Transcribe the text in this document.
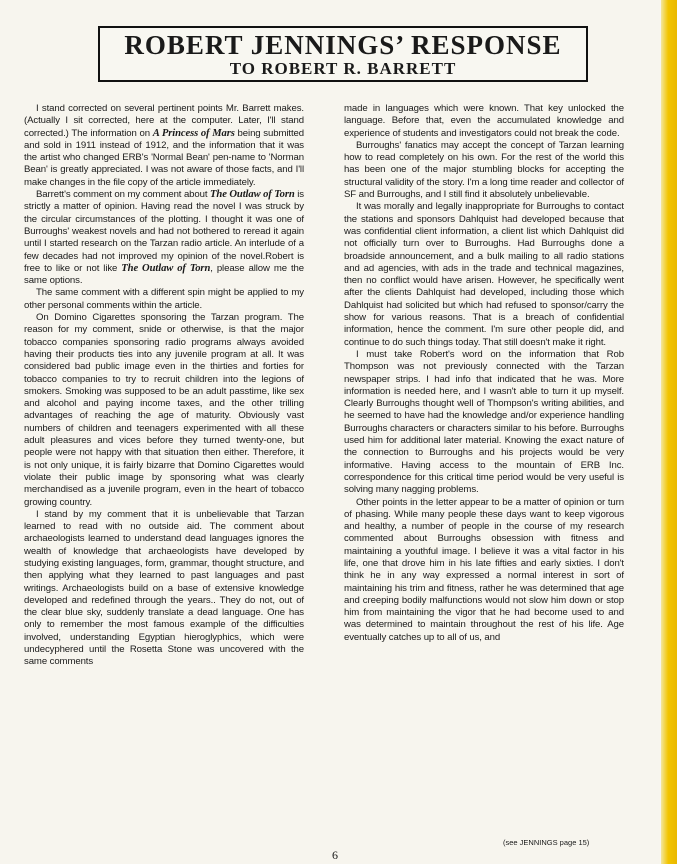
ROBERT JENNINGS’ RESPONSE
TO ROBERT R. BARRETT

I stand corrected on several pertinent points Mr. Barrett makes. (Actually I sit corrected, here at the computer. Later, I'll stand corrected.) The information on A Princess of Mars being submitted and sold in 1911 instead of 1912, and the information that it was the artist who changed ERB's 'Normal Bean' pen-name to 'Norman Bean' is greatly appreciated. I was not aware of those facts, and I'll make changes in the file copy of the article immediately.

Barrett's comment on my comment about The Outlaw of Torn is strictly a matter of opinion. Having read the novel I was struck by the circular circumstances of the plotting. I thought it was one of Burroughs' weakest novels and had not bothered to reread it again until I started research on the Tarzan radio article. An interlude of a few decades had not improved my opinion of the novel.Robert is free to like or not like The Outlaw of Torn, please allow me the same options.

The same comment with a different spin might be applied to my other personal comments within the article.

On Domino Cigarettes sponsoring the Tarzan program. The reason for my comment, snide or otherwise, is that the major tobacco companies sponsoring radio programs always avoided having their products ties into any juvenile program at all. It was considered bad public image even in the thirties and forties for tobacco companies to try to recruit children into the legions of smokers. Smoking was supposed to be an adult passtime, like sex and alcohol and paying income taxes, and the other trilling advantages of reaching the age of maturity. Obviously vast numbers of children and teenagers experimented with all these adult pleasures and vices before they turned twenty-one, but people were not happy with that situation then either. Therefore, it is not only unique, it is fairly bizarre that Domino Cigarettes would violate their public image by sponsoring what was clearly merchandised as a juvenile program, even in the heart of tobacco growing country.

I stand by my comment that it is unbelievable that Tarzan learned to read with no outside aid. The comment about archaeologists learned to understand dead languages ignores the wealth of knowledge that archaeologists have developed by studying existing languages, form, grammar, thought structure, and then applying what they learned to past languages and past writings. Archaeologists build on a base of extensive knowledge developed and redefined through the years.. They do not, out of the clear blue sky, suddenly translate a dead language. One has only to remember the most famous example of the difficulties involved, understanding Egyptian hieroglyphics, which were undecyphered until the Rosetta Stone was uncovered with the same comments

made in languages which were known. That key unlocked the language. Before that, even the accumulated knowledge and experience of students and investigators could not break the code.

Burroughs' fanatics may accept the concept of Tarzan learning how to read completely on his own. For the rest of the world this has been one of the major stumbling blocks for accepting the structural validity of the story. I'm a long time reader and collector of SF and Burroughs, and I still find it absolutely unbelievable.

It was morally and legally inappropriate for Burroughs to contact the stations and sponsors Dahlquist had developed because that was confidential client information, a client list which Dahlquist did not officially turn over to Burroughs. Had Burroughs done a broadside announcement, and a bulk mailing to all radio stations and ad agencies, with ads in the trade and technical magazines, then no conflict would have arisen. However, he specifically went after the clients Dahlquist had developed, including those which Dahlquist had solicited but which had refused to sponsor/carry the show for various reasons. That is a breach of confidential information, hence the comment. I'm sure other people did, and continue to do such things today. That still doesn't make it right.

I must take Robert's word on the information that Rob Thompson was not previously connected with the Tarzan newspaper strips. I had info that indicated that he was. More information is needed here, and I wasn't able to turn it up myself. Clearly Burroughs thought well of Thompson's writing abilities, and he seemed to have had the knowledge and/or experience handling Burroughs characters or characters similar to his before. Burroughs used him for additional later material. Knowing the exact nature of the connection to Burroughs and his projects would be very informative. Having access to the mountain of ERB Inc. correspondence for this critical time period would be very useful is solving many nagging problems.

Other points in the letter appear to be a matter of opinion or turn of phasing. While many people these days want to keep vigorous and healthy, a number of people in the course of my research commented about Burroughs obsession with fitness and maintaining a youthful image. I believe it was a vital factor in his life, one that drove him in his late fifties and early sixties. I don't think he in any way expressed a normal interest in sort of maintaining his trim and fitness, rather he was determined that age and creeping bodily malfunctions would not slow him down or stop him from maintaining the vigor that he had become used to and was determined to maintain throughout the rest of his life. Age eventually catches up to all of us, and

(see JENNINGS page 15)
6
